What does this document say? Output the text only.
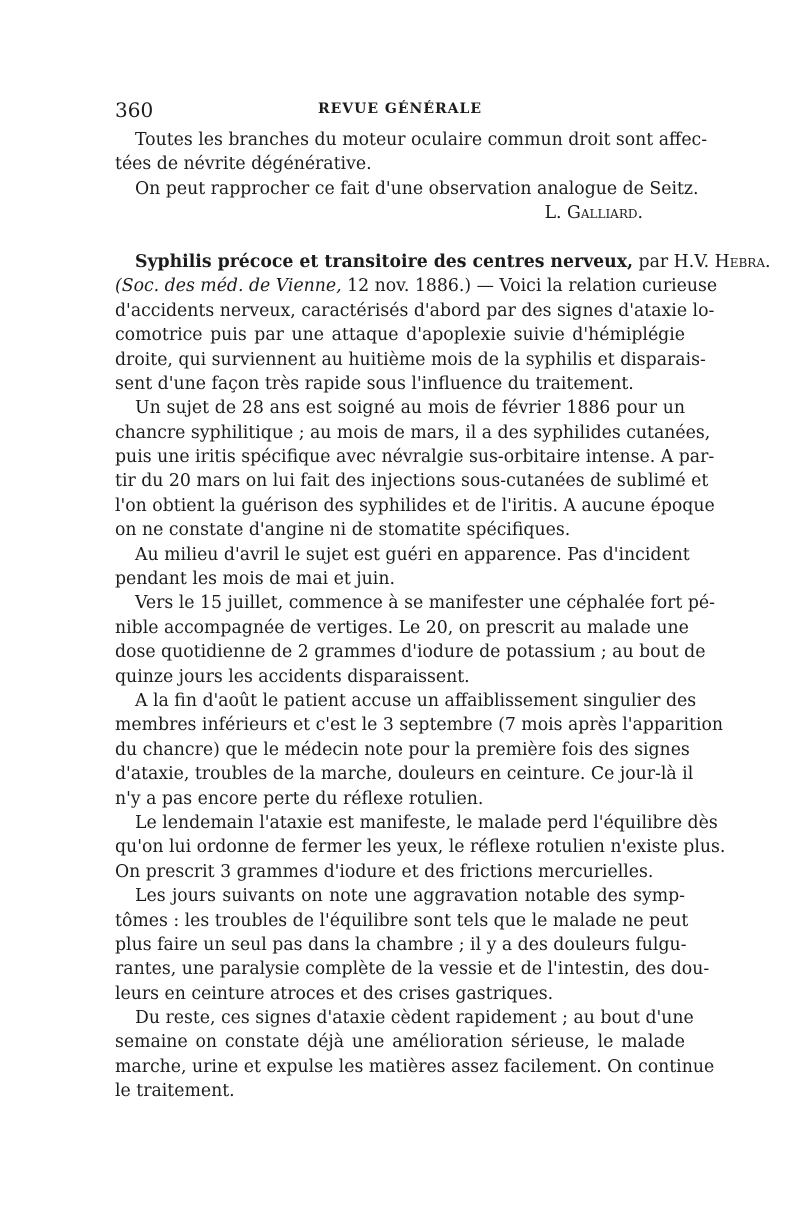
360	REVUE GÉNÉRALE
Toutes les branches du moteur oculaire commun droit sont affec-
tées de névrite dégénérative.
On peut rapprocher ce fait d'une observation analogue de Seitz.
L. Galliard.
Syphilis précoce et transitoire des centres nerveux, par H.V. Hebra.
(Soc. des méd. de Vienne, 12 nov. 1886.) — Voici la relation curieuse
d'accidents nerveux, caractérisés d'abord par des signes d'ataxie lo-
comotrice puis par une attaque d'apoplexie suivie d'hémiplégie
droite, qui surviennent au huitième mois de la syphilis et disparais-
sent d'une façon très rapide sous l'influence du traitement.
Un sujet de 28 ans est soigné au mois de février 1886 pour un
chancre syphilitique ; au mois de mars, il a des syphilides cutanées,
puis une iritis spécifique avec névralgie sus-orbitaire intense. A par-
tir du 20 mars on lui fait des injections sous-cutanées de sublimé et
l'on obtient la guérison des syphilides et de l'iritis. A aucune époque
on ne constate d'angine ni de stomatite spécifiques.
Au milieu d'avril le sujet est guéri en apparence. Pas d'incident
pendant les mois de mai et juin.
Vers le 15 juillet, commence à se manifester une céphalée fort pé-
nible accompagnée de vertiges. Le 20, on prescrit au malade une
dose quotidienne de 2 grammes d'iodure de potassium ; au bout de
quinze jours les accidents disparaissent.
A la fin d'août le patient accuse un affaiblissement singulier des
membres inférieurs et c'est le 3 septembre (7 mois après l'apparition
du chancre) que le médecin note pour la première fois des signes
d'ataxie, troubles de la marche, douleurs en ceinture. Ce jour-là il
n'y a pas encore perte du réflexe rotulien.
Le lendemain l'ataxie est manifeste, le malade perd l'équilibre dès
qu'on lui ordonne de fermer les yeux, le réflexe rotulien n'existe plus.
On prescrit 3 grammes d'iodure et des frictions mercurielles.
Les jours suivants on note une aggravation notable des symp-
tômes : les troubles de l'équilibre sont tels que le malade ne peut
plus faire un seul pas dans la chambre ; il y a des douleurs fulgu-
rantes, une paralysie complète de la vessie et de l'intestin, des dou-
leurs en ceinture atroces et des crises gastriques.
Du reste, ces signes d'ataxie cèdent rapidement ; au bout d'une
semaine on constate déjà une amélioration sérieuse, le malade
marche, urine et expulse les matières assez facilement. On continue
le traitement.
